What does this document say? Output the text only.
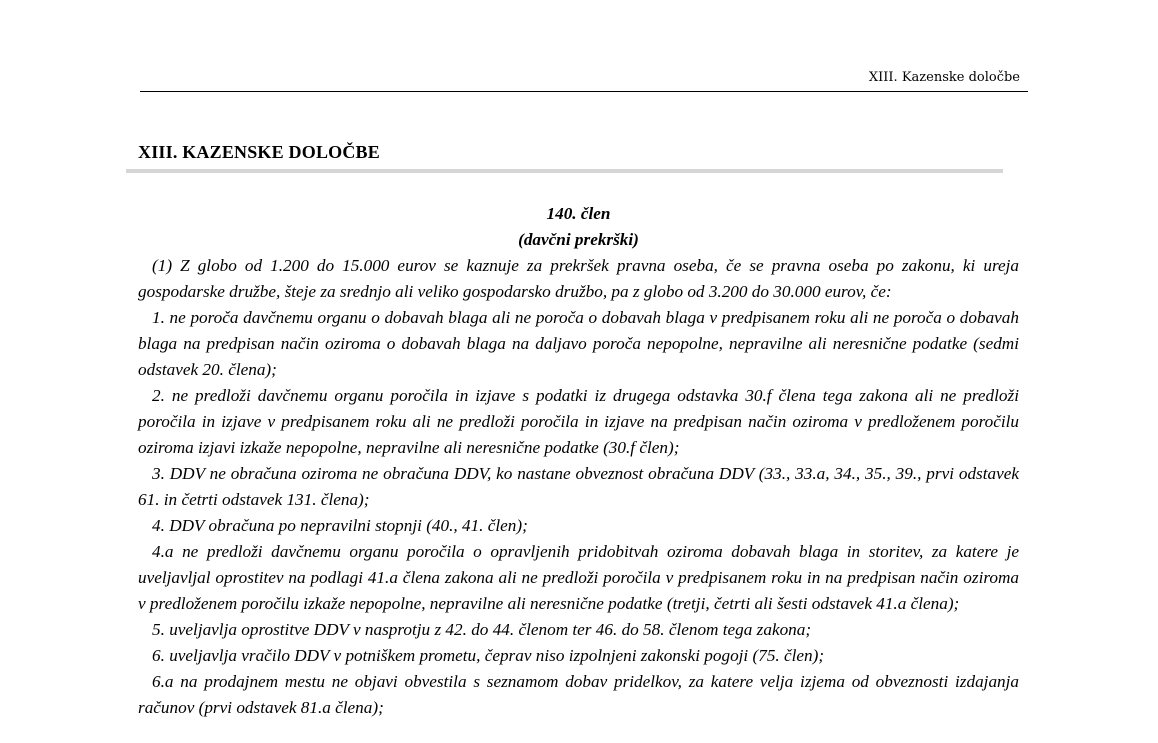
XIII. Kazenske določbe
XIII. KAZENSKE DOLOČBE

140. člen

(davčni prekrški)

(1) Z globo od 1.200 do 15.000 eurov se kaznuje za prekršek pravna oseba, če se pravna oseba po zakonu, ki ureja gospodarske družbe, šteje za srednjo ali veliko gospodarsko družbo, pa z globo od 3.200 do 30.000 eurov, če:

1. ne poroča davčnemu organu o dobavah blaga ali ne poroča o dobavah blaga v predpisanem roku ali ne poroča o dobavah blaga na predpisan način oziroma o dobavah blaga na daljavo poroča nepopolne, nepravilne ali neresnične podatke (sedmi odstavek 20. člena);

2. ne predloži davčnemu organu poročila in izjave s podatki iz drugega odstavka 30.f člena tega zakona ali ne predloži poročila in izjave v predpisanem roku ali ne predloži poročila in izjave na predpisan način oziroma v predloženem poročilu oziroma izjavi izkaže nepopolne, nepravilne ali neresnične podatke (30.f člen);

3. DDV ne obračuna oziroma ne obračuna DDV, ko nastane obveznost obračuna DDV (33., 33.a, 34., 35., 39., prvi odstavek 61. in četrti odstavek 131. člena);

4. DDV obračuna po nepravilni stopnji (40., 41. člen);

4.a ne predloži davčnemu organu poročila o opravljenih pridobitvah oziroma dobavah blaga in storitev, za katere je uveljavljal oprostitev na podlagi 41.a člena zakona ali ne predloži poročila v predpisanem roku in na predpisan način oziroma v predloženem poročilu izkaže nepopolne, nepravilne ali neresnične podatke (tretji, četrti ali šesti odstavek 41.a člena);

5. uveljavlja oprostitve DDV v nasprotju z 42. do 44. členom ter 46. do 58. členom tega zakona;

6. uveljavlja vračilo DDV v potniškem prometu, čeprav niso izpolnjeni zakonski pogoji (75. člen);

6.a na prodajnem mestu ne objavi obvestila s seznamom dobav pridelkov, za katere velja izjema od obveznosti izdajanja računov (prvi odstavek 81.a člena);
